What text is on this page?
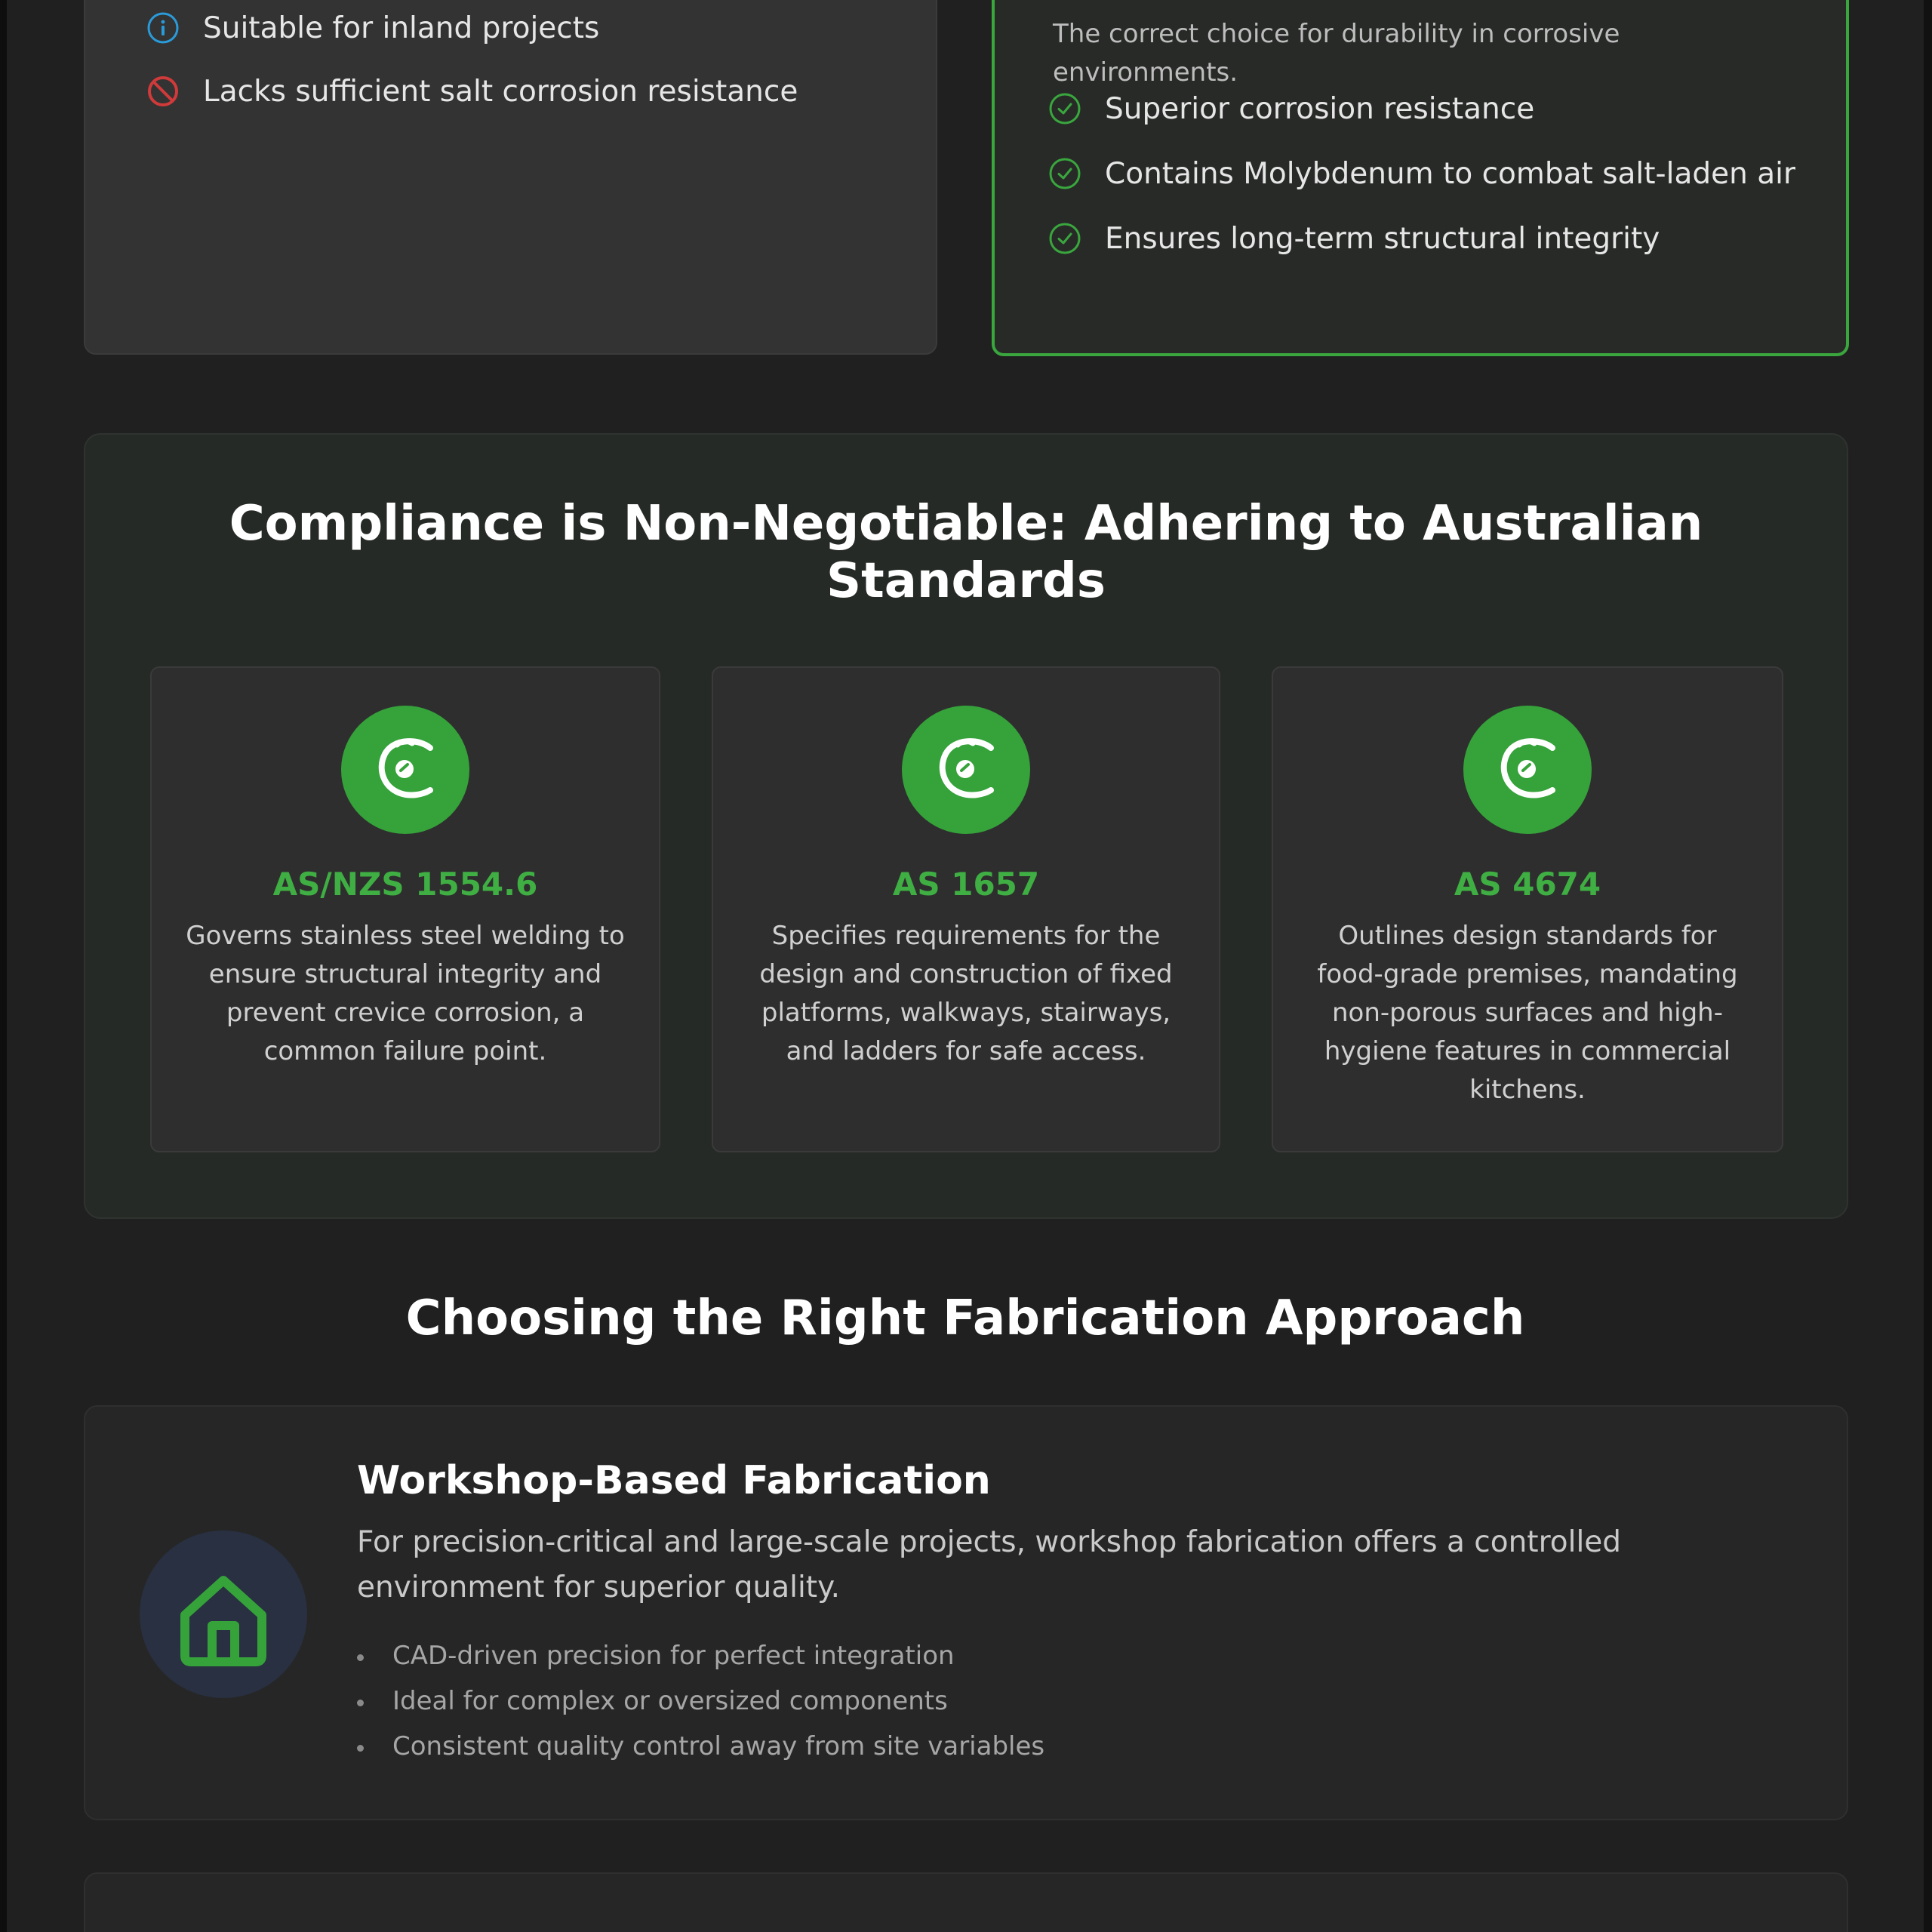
Suitable for inland projects
Lacks sufficient salt corrosion resistance
The correct choice for durability in corrosive environments.
Superior corrosion resistance
Contains Molybdenum to combat salt-laden air
Ensures long-term structural integrity
Compliance is Non-Negotiable: Adhering to Australian Standards
AS/NZS 1554.6
Governs stainless steel welding to ensure structural integrity and prevent crevice corrosion, a common failure point.
AS 1657
Specifies requirements for the design and construction of fixed platforms, walkways, stairways, and ladders for safe access.
AS 4674
Outlines design standards for food-grade premises, mandating non-porous surfaces and high-hygiene features in commercial kitchens.
Choosing the Right Fabrication Approach
Workshop-Based Fabrication
For precision-critical and large-scale projects, workshop fabrication offers a controlled environment for superior quality.
CAD-driven precision for perfect integration
Ideal for complex or oversized components
Consistent quality control away from site variables
